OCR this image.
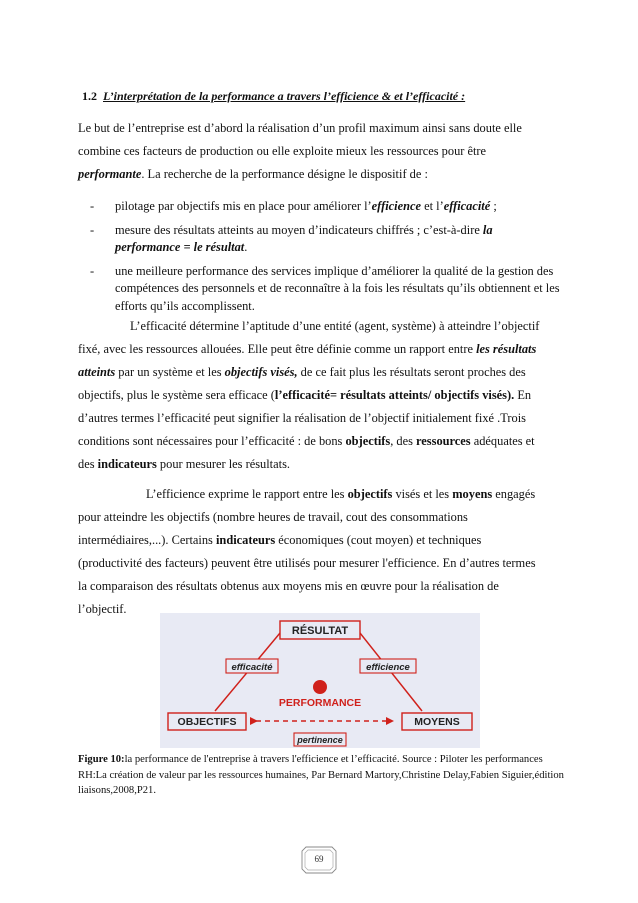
1.2 L’interprétation de la performance a travers l’efficience & et l’efficacité :

Le but de l’entreprise est d’abord la réalisation d’un profil maximum ainsi sans doute elle

combine ces facteurs de production ou elle exploite mieux les ressources pour être

performante. La recherche de la performance désigne le dispositif de :

- pilotage par objectifs mis en place pour améliorer l’efficience et l’efficacité ;
- mesure des résultats atteints au moyen d’indicateurs chiffrés ; c’est-à-dire la performance = le résultat.
- une meilleure performance des services implique d’améliorer la qualité de la gestion des compétences des personnels et de reconnaître à la fois les résultats qu’ils obtiennent et les efforts qu’ils accomplissent.

L’efficacité détermine l’aptitude d’une entité (agent, système) à atteindre l’objectif

fixé, avec les ressources allouées. Elle peut être définie comme un rapport entre les résultats

atteints par un système et les objectifs visés, de ce fait plus les résultats seront proches des

objectifs, plus le système sera efficace (l’efficacité= résultats atteints/ objectifs visés). En

d’autres termes l’efficacité peut signifier la réalisation de l’objectif initialement fixé .Trois

conditions sont nécessaires pour l’efficacité : de bons objectifs, des ressources adéquates et

des indicateurs pour mesurer les résultats.

L’efficience exprime le rapport entre les objectifs visés et les moyens engagés

pour atteindre les objectifs (nombre heures de travail, cout des consommations

intermédiaires,...). Certains indicateurs économiques (cout moyen) et techniques

(productivité des facteurs) peuvent être utilisés pour mesurer l'efficience. En d’autres termes

la comparaison des résultats obtenus aux moyens mis en œuvre pour la réalisation de

l’objectif.

RÉSULTAT
efficacité	efficience
PERFORMANCE
OBJECTIFS	MOYENS
pertinence

Figure 10:la performance de l'entreprise à travers l'efficience et l’efficacité. Source : Piloter les performances RH:La création de valeur par les ressources humaines, Par Bernard Martory,Christine Delay,Fabien Siguier,édition liaisons,2008,P21.

69
